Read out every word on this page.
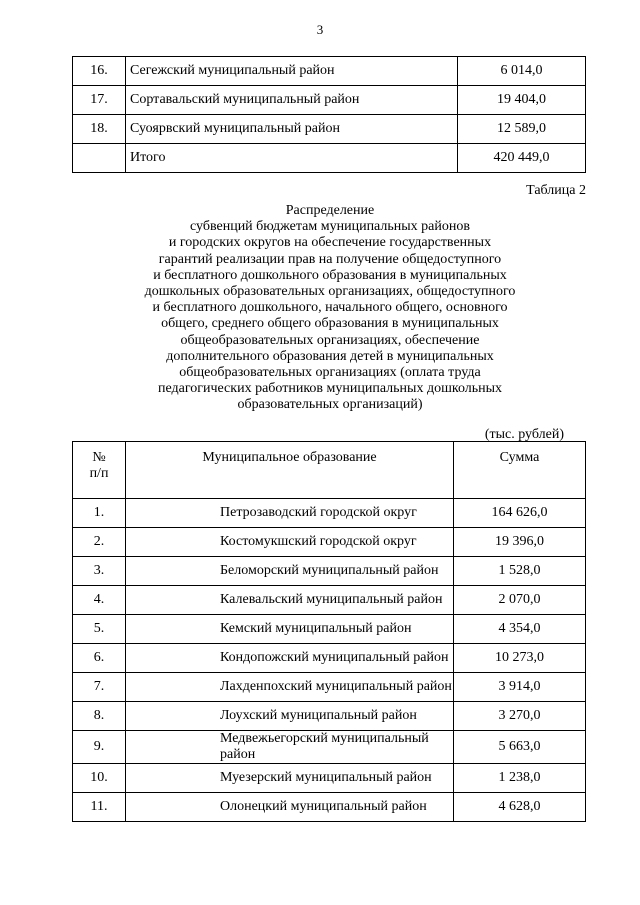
3
16.	Сегежский муниципальный район	6 014,0
17.	Сортавальский муниципальный район	19 404,0
18.	Суоярвский муниципальный район	12 589,0
	Итого	420 449,0
Таблица 2
Распределение
субвенций бюджетам муниципальных районов
и городских округов на обеспечение государственных
гарантий реализации прав на получение общедоступного
и бесплатного дошкольного образования в муниципальных
дошкольных образовательных организациях, общедоступного
и бесплатного дошкольного, начального общего, основного
общего, среднего общего образования в муниципальных
общеобразовательных организациях, обеспечение
дополнительного образования детей в муниципальных
общеобразовательных организациях (оплата труда
педагогических работников муниципальных дошкольных
образовательных организаций)
(тыс. рублей)
№
п/п	Муниципальное образование	Сумма
1.	Петрозаводский городской округ	164 626,0
2.	Костомукшский городской округ	19 396,0
3.	Беломорский муниципальный район	1 528,0
4.	Калевальский муниципальный район	2 070,0
5.	Кемский муниципальный район	4 354,0
6.	Кондопожский муниципальный район	10 273,0
7.	Лахденпохский муниципальный район	3 914,0
8.	Лоухский муниципальный район	3 270,0
9.	Медвежьегорский муниципальный район	5 663,0
10.	Муезерский муниципальный район	1 238,0
11.	Олонецкий муниципальный район	4 628,0
